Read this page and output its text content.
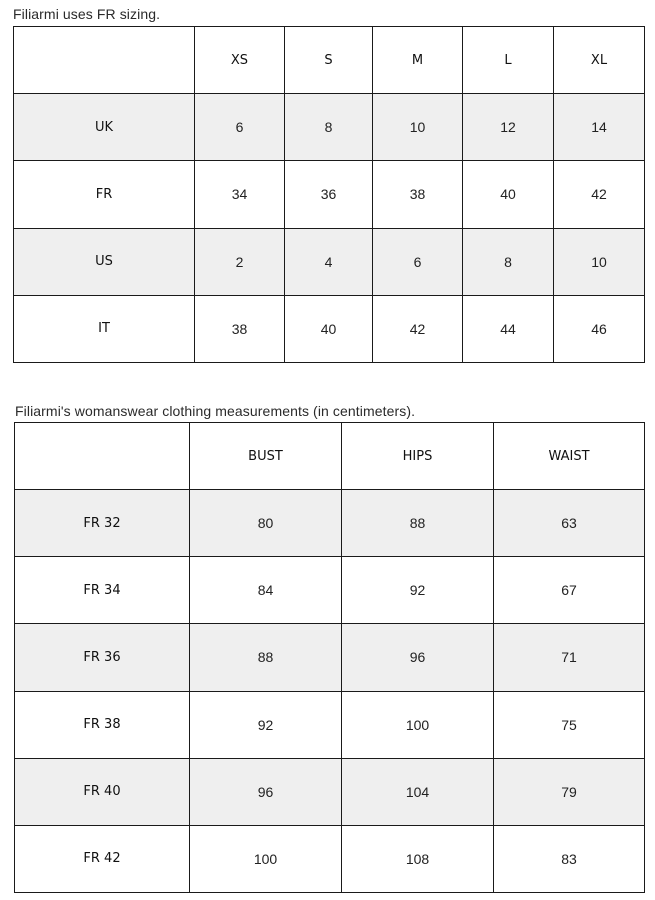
Filiarmi uses FR sizing.
	XS	S	M	L	XL
UK	6	8	10	12	14
FR	34	36	38	40	42
US	2	4	6	8	10
IT	38	40	42	44	46
Filiarmi's womanswear clothing measurements (in centimeters).
	BUST	HIPS	WAIST
FR 32	80	88	63
FR 34	84	92	67
FR 36	88	96	71
FR 38	92	100	75
FR 40	96	104	79
FR 42	100	108	83
